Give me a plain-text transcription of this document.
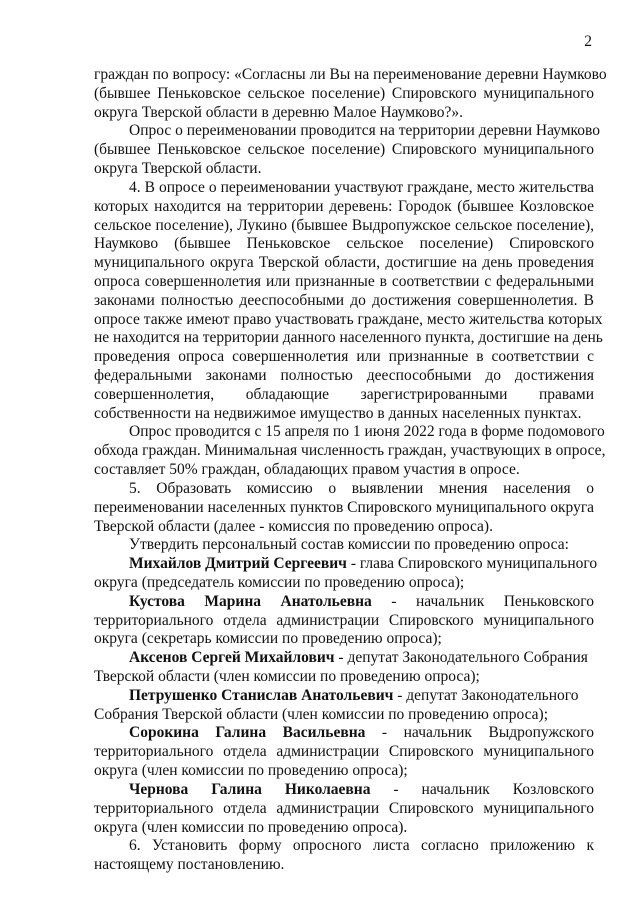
2
граждан по вопросу: «Согласны ли Вы на переименование деревни Наумково
(бывшее Пеньковское сельское поселение) Спировского муниципального
округа Тверской области в деревню Малое Наумково?».
Опрос о переименовании проводится на территории деревни Наумково
(бывшее Пеньковское сельское поселение) Спировского муниципального
округа Тверской области.
4. В опросе о переименовании участвуют граждане, место жительства
которых находится на территории деревень: Городок (бывшее Козловское
сельское поселение), Лукино (бывшее Выдропужское сельское поселение),
Наумково (бывшее Пеньковское сельское поселение) Спировского
муниципального округа Тверской области, достигшие на день проведения
опроса совершеннолетия или признанные в соответствии с федеральными
законами полностью дееспособными до достижения совершеннолетия. В
опросе также имеют право участвовать граждане, место жительства которых
не находится на территории данного населенного пункта, достигшие на день
проведения опроса совершеннолетия или признанные в соответствии с
федеральными законами полностью дееспособными до достижения
совершеннолетия, обладающие зарегистрированными правами
собственности на недвижимое имущество в данных населенных пунктах.
Опрос проводится с 15 апреля по 1 июня 2022 года в форме подомового
обхода граждан. Минимальная численность граждан, участвующих в опросе,
составляет 50% граждан, обладающих правом участия в опросе.
5. Образовать комиссию о выявлении мнения населения о
переименовании населенных пунктов Спировского муниципального округа
Тверской области (далее - комиссия по проведению опроса).
Утвердить персональный состав комиссии по проведению опроса:
Михайлов Дмитрий Сергеевич - глава Спировского муниципального
округа (председатель комиссии по проведению опроса);
Кустова Марина Анатольевна - начальник Пеньковского
территориального отдела администрации Спировского муниципального
округа (секретарь комиссии по проведению опроса);
Аксенов Сергей Михайлович - депутат Законодательного Собрания
Тверской области (член комиссии по проведению опроса);
Петрушенко Станислав Анатольевич - депутат Законодательного
Собрания Тверской области (член комиссии по проведению опроса);
Сорокина Галина Васильевна - начальник Выдропужского
территориального отдела администрации Спировского муниципального
округа (член комиссии по проведению опроса);
Чернова Галина Николаевна - начальник Козловского
территориального отдела администрации Спировского муниципального
округа (член комиссии по проведению опроса).
6. Установить форму опросного листа согласно приложению к
настоящему постановлению.
